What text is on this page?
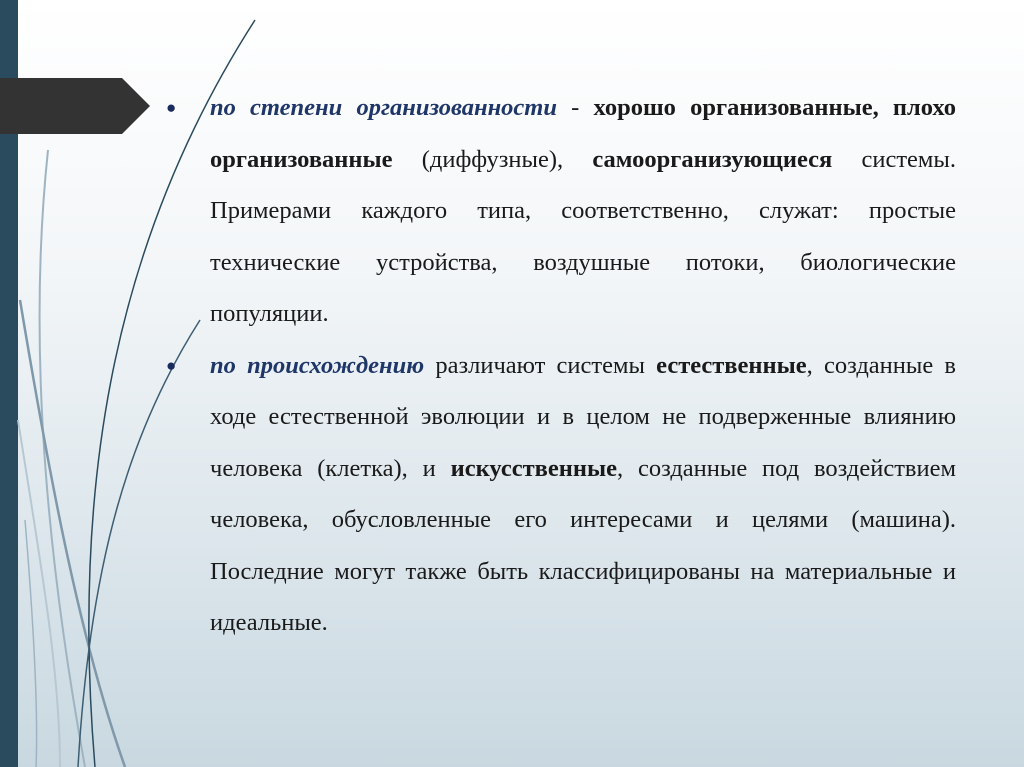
●	по степени организованности - хорошо организованные, плохо организованные (диффузные), самоорганизующиеся системы. Примерами каждого типа, соответственно, служат: простые технические устройства, воздушные потоки, биологические популяции.

●	по происхождению различают системы естественные, созданные в ходе естественной эволюции и в целом не подверженные влиянию человека (клетка), и искусственные, созданные под воздействием человека, обусловленные его интересами и целями (машина). Последние могут также быть классифицированы на материальные и идеальные.
